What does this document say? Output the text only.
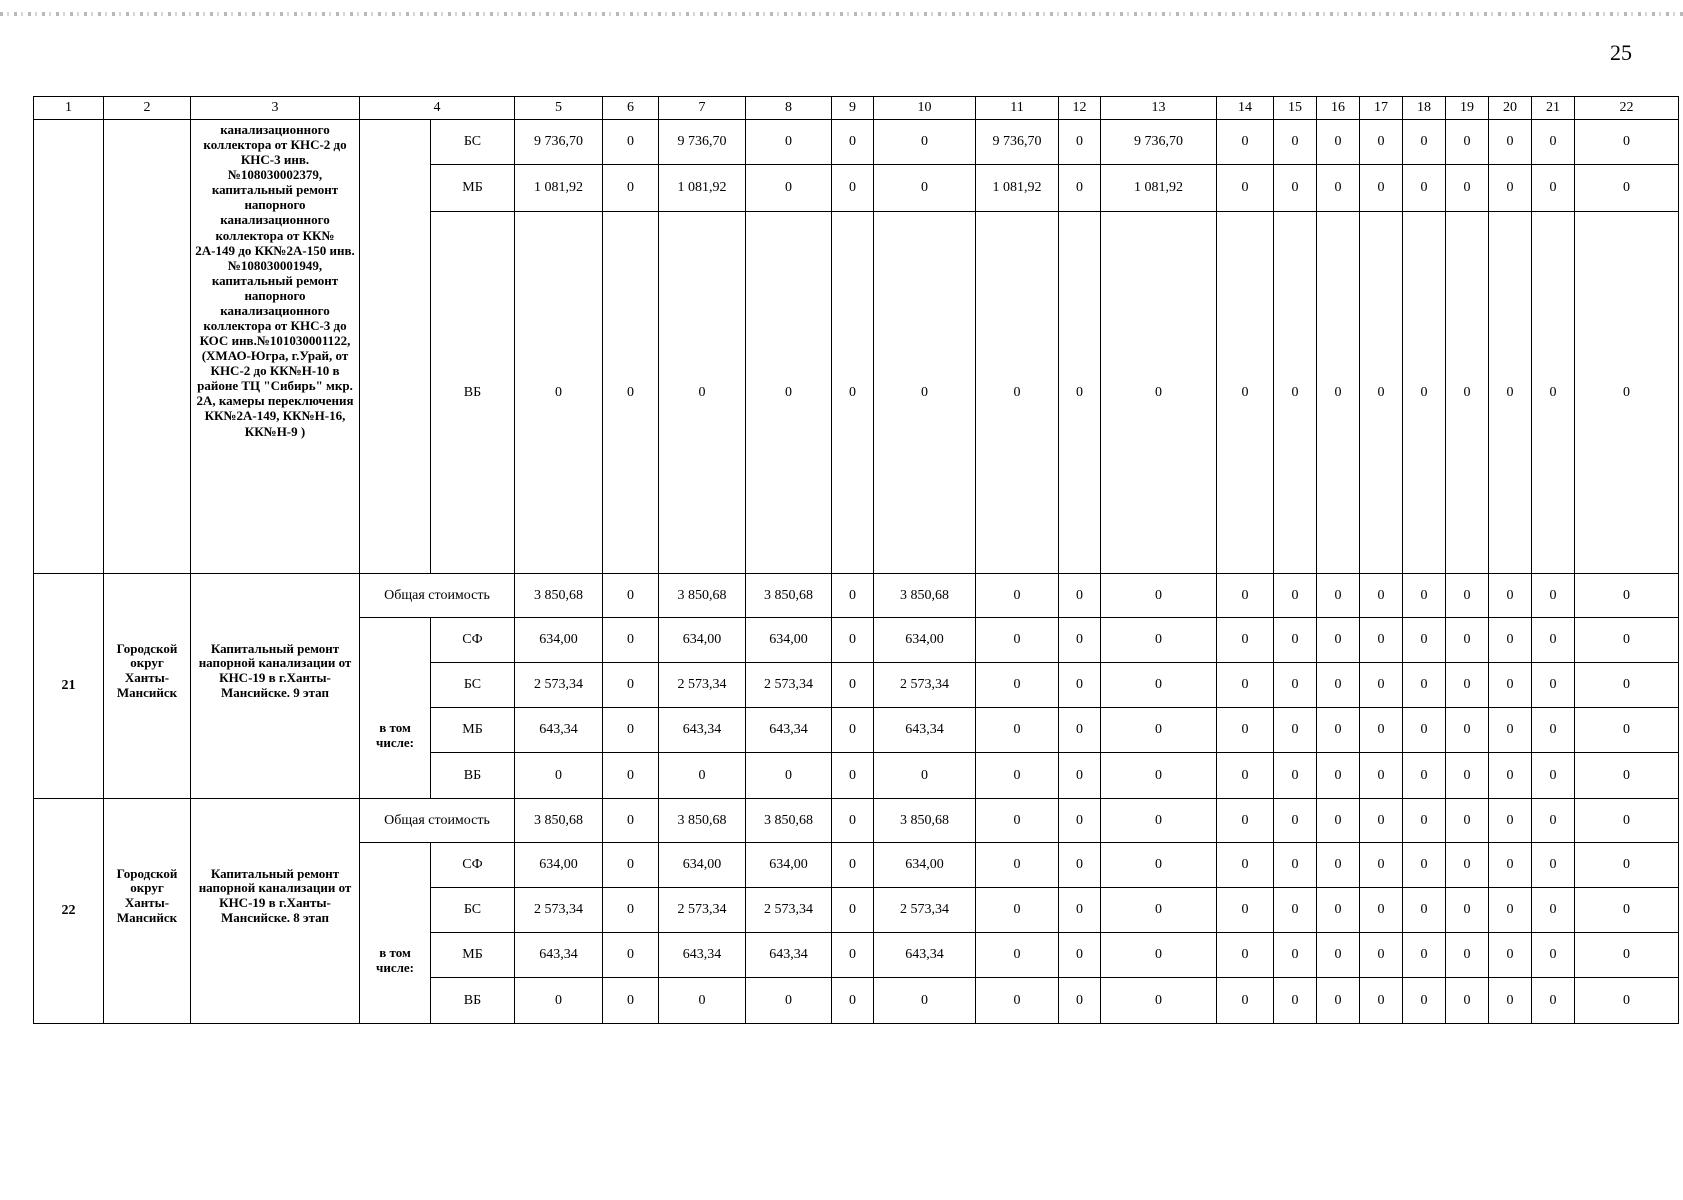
25
1	2	3	4		5	6	7	8	9	10	11	12	13	14	15	16	17	18	19	20	21	22
		канализационного коллектора от КНС-2 до КНС-3 инв.№108030002379, капитальный ремонт напорного канализационного коллектора от КК№ 2А-149 до КК№2А-150 инв.№108030001949, капитальный ремонт напорного канализационного коллектора от КНС-3 до КОС инв.№101030001122, (ХМАО-Югра, г.Урай, от КНС-2 до КК№Н-10 в районе ТЦ "Сибирь" мкр. 2А, камеры переключения КК№2А-149, КК№Н-16, КК№Н-9 )		БС	9 736,70	0	9 736,70	0	0	0	9 736,70	0	9 736,70	0	0	0	0	0	0	0	0	0
				МБ	1 081,92	0	1 081,92	0	0	0	1 081,92	0	1 081,92	0	0	0	0	0	0	0	0	0
				ВБ	0	0	0	0	0	0	0	0	0	0	0	0	0	0	0	0	0	0
21	Городской округ Ханты-Мансийск	Капитальный ремонт напорной канализации от КНС-19 в г.Ханты-Мансийске. 9 этап	Общая стоимость		3 850,68	0	3 850,68	3 850,68	0	3 850,68	0	0	0	0	0	0	0	0	0	0	0	0
			в том числе:	СФ	634,00	0	634,00	634,00	0	634,00	0	0	0	0	0	0	0	0	0	0	0	0
				БС	2 573,34	0	2 573,34	2 573,34	0	2 573,34	0	0	0	0	0	0	0	0	0	0	0	0
				МБ	643,34	0	643,34	643,34	0	643,34	0	0	0	0	0	0	0	0	0	0	0	0
				ВБ	0	0	0	0	0	0	0	0	0	0	0	0	0	0	0	0	0	0
22	Городской округ Ханты-Мансийск	Капитальный ремонт напорной канализации от КНС-19 в г.Ханты-Мансийске. 8 этап	Общая стоимость		3 850,68	0	3 850,68	3 850,68	0	3 850,68	0	0	0	0	0	0	0	0	0	0	0	0
			в том числе:	СФ	634,00	0	634,00	634,00	0	634,00	0	0	0	0	0	0	0	0	0	0	0	0
				БС	2 573,34	0	2 573,34	2 573,34	0	2 573,34	0	0	0	0	0	0	0	0	0	0	0	0
				МБ	643,34	0	643,34	643,34	0	643,34	0	0	0	0	0	0	0	0	0	0	0	0
				ВБ	0	0	0	0	0	0	0	0	0	0	0	0	0	0	0	0	0	0
